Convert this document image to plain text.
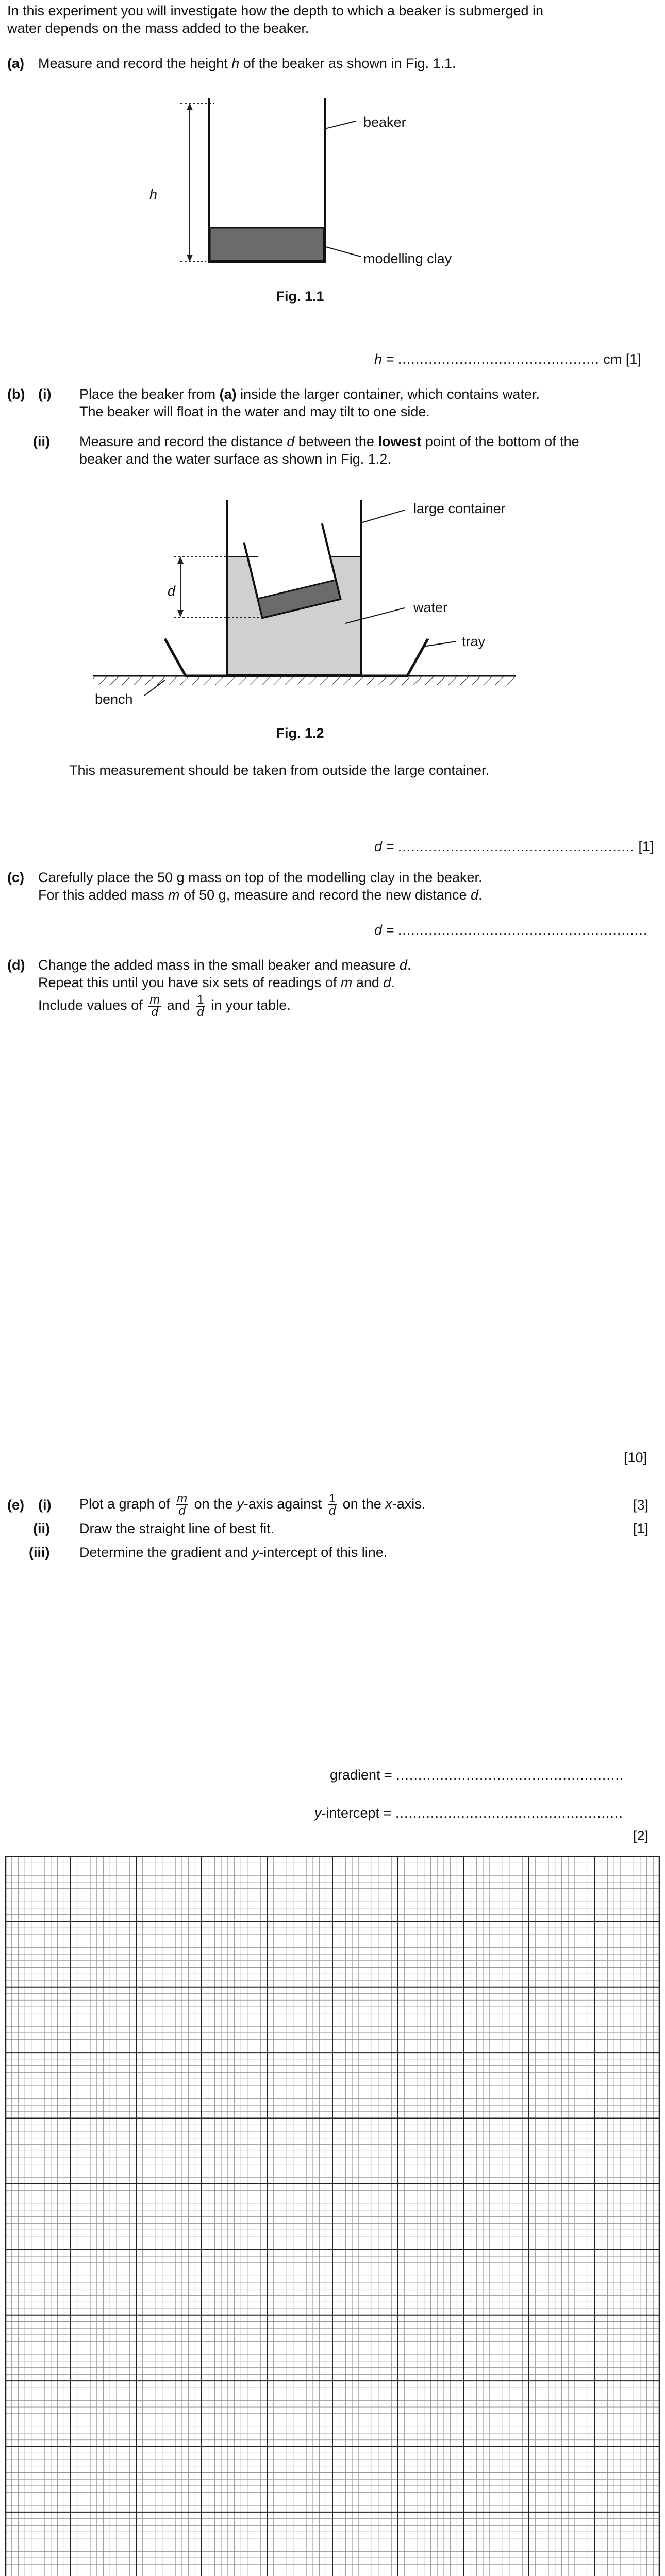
In this experiment you will investigate how the depth to which a beaker is submerged in
water depends on the mass added to the beaker.
(a) Measure and record the height h of the beaker as shown in Fig. 1.1.
h
beaker
modelling clay
Fig. 1.1
h = .............................................. cm [1]
(b) (i) Place the beaker from (a) inside the larger container, which contains water.
The beaker will float in the water and may tilt to one side.
(ii) Measure and record the distance d between the lowest point of the bottom of the
beaker and the water surface as shown in Fig. 1.2.
d
large container
water
tray
bench
Fig. 1.2
This measurement should be taken from outside the large container.
d = ...................................................... [1]
(c) Carefully place the 50 g mass on top of the modelling clay in the beaker.
For this added mass m of 50 g, measure and record the new distance d.
d = .........................................................
(d) Change the added mass in the small beaker and measure d.
Repeat this until you have six sets of readings of m and d.
Include values of $\frac{m}{d}$ and $\frac{1}{d}$ in your table.
[10]
(e) (i) Plot a graph of $\frac{m}{d}$ on the y-axis against $\frac{1}{d}$ on the x-axis.	[3]
(ii) Draw the straight line of best fit.	[1]
(iii) Determine the gradient and y-intercept of this line.
gradient = ....................................................
y-intercept = ....................................................
[2]
